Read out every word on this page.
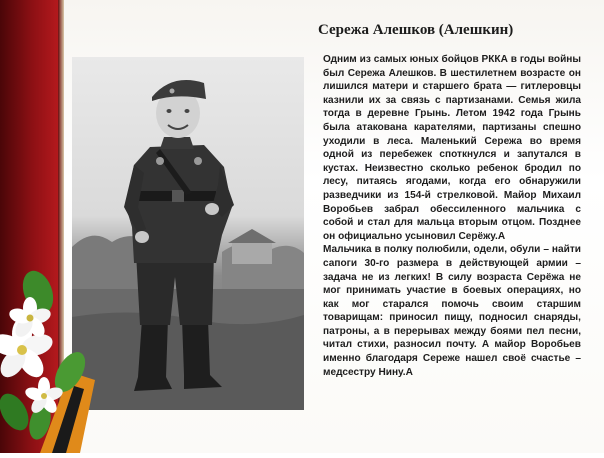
Сережа Алешков (Алешкин)

Одним из самых юных бойцов РККА в годы войны был Сережа Алешков. В шестилетнем возрасте он лишился матери и старшего брата — гитлеровцы казнили их за связь с партизанами. Семья жила тогда в деревне Грынь. Летом 1942 года Грынь была атакована карателями, партизаны спешно уходили в леса. Маленький Сережа во время одной из перебежек споткнулся и запутался в кустах. Неизвестно сколько ребенок бродил по лесу, питаясь ягодами, когда его обнаружили разведчики из 154-й стрелковой. Майор Михаил Воробьев забрал обессиленного мальчика с собой и стал для мальца вторым отцом. Позднее он официально усыновил Серёжу.А

Мальчика в полку полюбили, одели, обули – найти сапоги 30-го размера в действующей армии – задача не из легких! В силу возраста Серёжа не мог принимать участие в боевых операциях, но как мог старался помочь своим старшим товарищам: приносил пищу, подносил снаряды, патроны, а в перерывах между боями пел песни, читал стихи, разносил почту. А майор Воробьев именно благодаря Сереже нашел своё счастье – медсестру Нину.А
